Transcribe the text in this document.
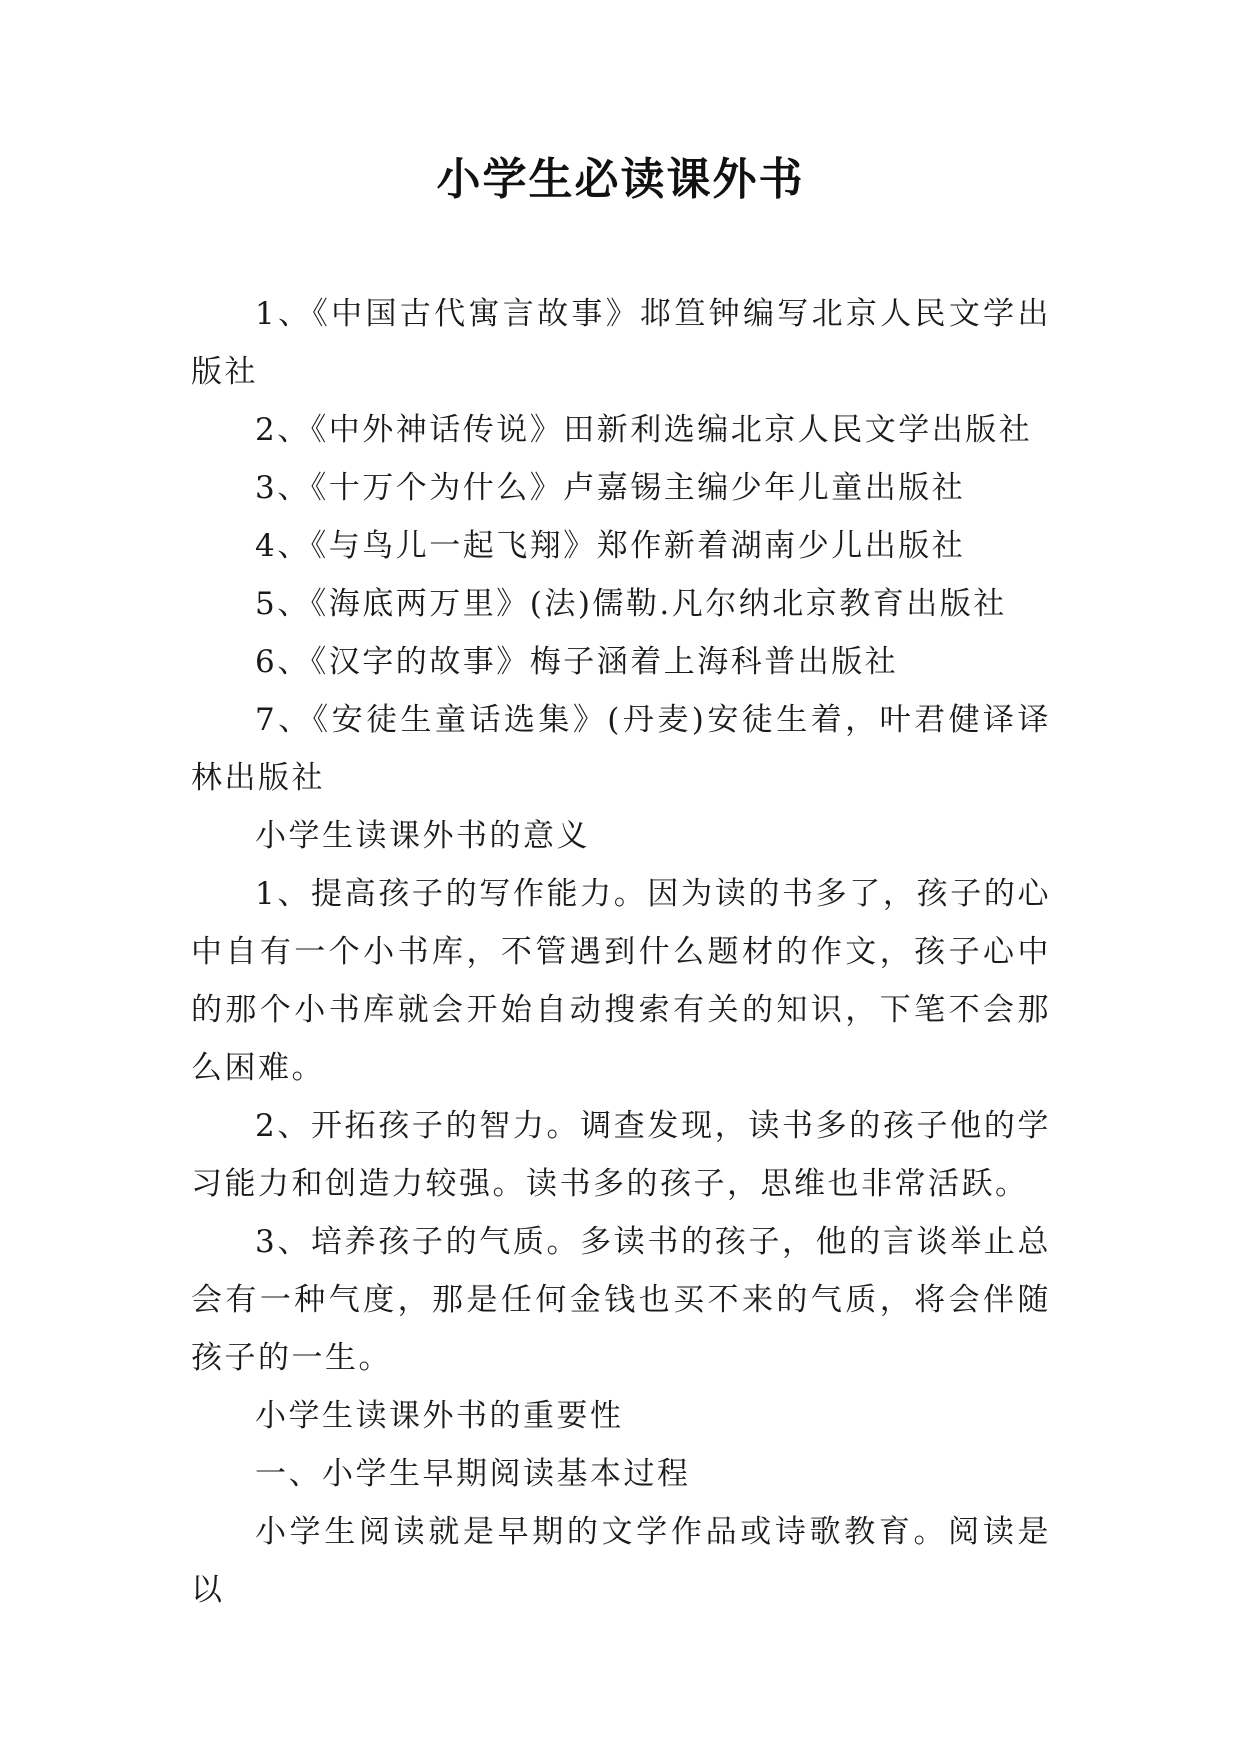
小学生必读课外书

1、《中国古代寓言故事》邶笪钟编写北京人民文学出版社

2、《中外神话传说》田新利选编北京人民文学出版社

3、《十万个为什么》卢嘉锡主编少年儿童出版社

4、《与鸟儿一起飞翔》郑作新着湖南少儿出版社

5、《海底两万里》(法)儒勒.凡尔纳北京教育出版社

6、《汉字的故事》梅子涵着上海科普出版社

7、《安徒生童话选集》(丹麦)安徒生着，叶君健译译林出版社

小学生读课外书的意义

1、提高孩子的写作能力。因为读的书多了，孩子的心中自有一个小书库，不管遇到什么题材的作文，孩子心中的那个小书库就会开始自动搜索有关的知识，下笔不会那么困难。

2、开拓孩子的智力。调查发现，读书多的孩子他的学习能力和创造力较强。读书多的孩子，思维也非常活跃。

3、培养孩子的气质。多读书的孩子，他的言谈举止总会有一种气度，那是任何金钱也买不来的气质，将会伴随孩子的一生。

小学生读课外书的重要性

一、小学生早期阅读基本过程

小学生阅读就是早期的文学作品或诗歌教育。阅读是以
